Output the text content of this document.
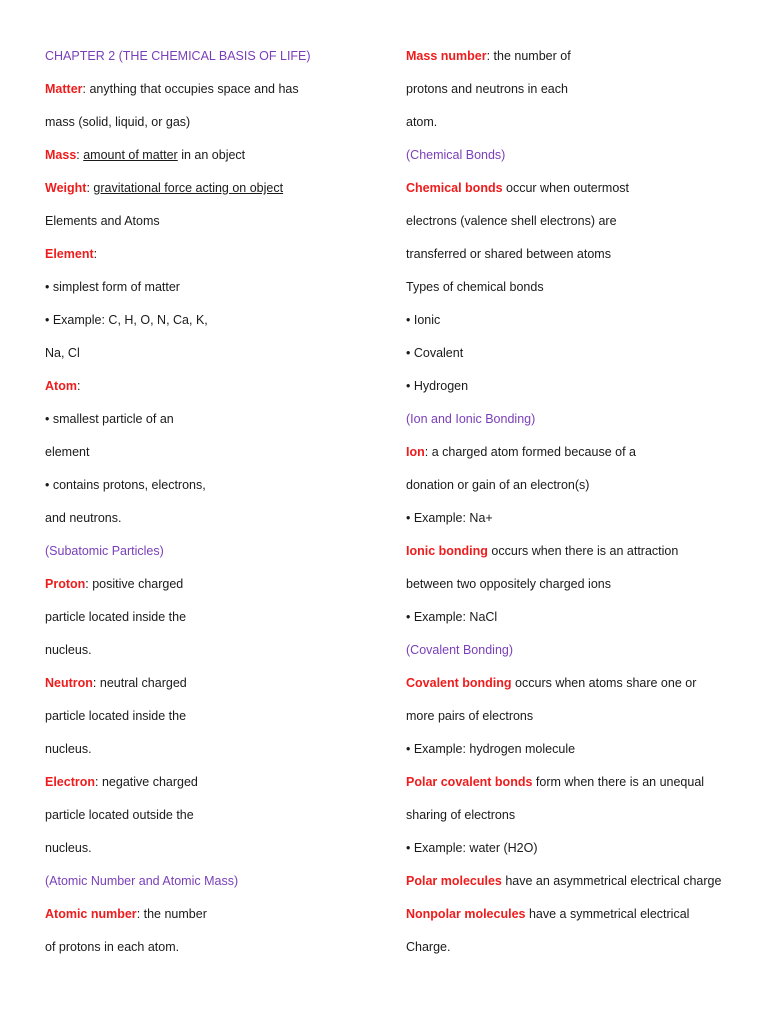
CHAPTER 2 (THE CHEMICAL BASIS OF LIFE)
Matter: anything that occupies space and has
mass (solid, liquid, or gas)
Mass: amount of matter in an object
Weight: gravitational force acting on object
Elements and Atoms
Element:
• simplest form of matter
• Example: C, H, O, N, Ca, K,
Na, Cl
Atom:
• smallest particle of an
element
• contains protons, electrons,
and neutrons.
(Subatomic Particles)
Proton: positive charged
particle located inside the
nucleus.
Neutron: neutral charged
particle located inside the
nucleus.
Electron: negative charged
particle located outside the
nucleus.
(Atomic Number and Atomic Mass)
Atomic number: the number
of protons in each atom.
Mass number: the number of
protons and neutrons in each
atom.
(Chemical Bonds)
Chemical bonds occur when outermost
electrons (valence shell electrons) are
transferred or shared between atoms
Types of chemical bonds
• Ionic
• Covalent
• Hydrogen
(Ion and Ionic Bonding)
Ion: a charged atom formed because of a
donation or gain of an electron(s)
• Example: Na+
Ionic bonding occurs when there is an attraction
between two oppositely charged ions
• Example: NaCl
(Covalent Bonding)
Covalent bonding occurs when atoms share one or
more pairs of electrons
• Example: hydrogen molecule
Polar covalent bonds form when there is an unequal
sharing of electrons
• Example: water (H2O)
Polar molecules have an asymmetrical electrical charge
Nonpolar molecules have a symmetrical electrical
Charge.
